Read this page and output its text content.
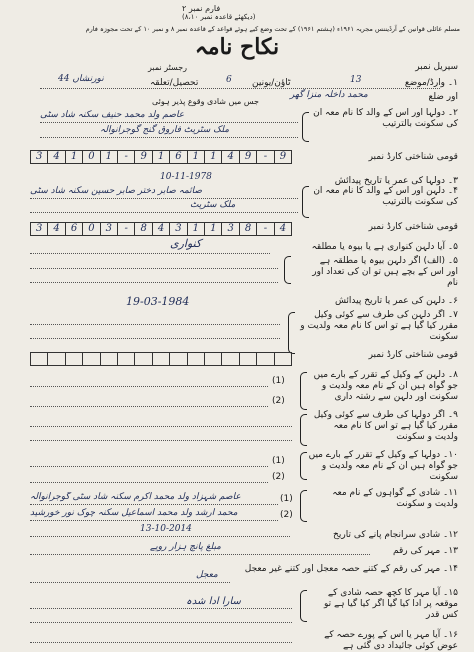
فارم نمبر ۲
(دیکھئے قاعدہ نمبر ۸،۱۰)
مسلم عائلی قوانین کے آرڈیننس مجریہ ۱۹۶۱ء (ہشتم ۱۹۶۱) کے تحت وضع کیے ہوئے قواعد کے قاعدہ نمبر ۸ و نمبر ۱۰ کے تحت مجوزہ فارم
نکاح نامہ
سیریل نمبر
رجسٹر نمبر
۱۔ وارڈ/موضع
13
ٹاؤن/یونین
6
تحصیل/تعلقہ
نورنشاں 44
اور ضلع
محمد داخلہ منزا گھر
جس میں شادی وقوع پذیر ہوئی
۲۔ دولہا اور اس کے والد کا نام معہ ان کی سکونت بالترتیب
عاصم ولد محمد حنیف سکنہ شاد سٹی
ملک سٹریٹ فاروق گنج گوجرانوالہ
قومی شناختی کارڈ نمبر
3	4	1	0	1	-	9	1	6	1	1	4	9	-	9
۳۔ دولہا کی عمر یا تاریخ پیدائش
10-11-1978
۴۔ دلہن اور اس کے والد کا نام معہ ان کی سکونت بالترتیب
صائمہ صابر دختر صابر حسین سکنہ شاد سٹی
ملک سٹریٹ
قومی شناختی کارڈ نمبر
3	4	6	0	3	-	8	4	3	1	1	3	8	-	4
۵۔ آیا دلہن کنواری ہے یا بیوہ یا مطلقہ
کنواری
۵۔ (الف) اگر دلہن بیوہ یا مطلقہ ہے اور اس کے بچے ہیں تو ان کی تعداد اور نام
۶۔ دلہن کی عمر یا تاریخ پیدائش
19-03-1984
۷۔ اگر دلہن کی طرف سے کوئی وکیل مقرر کیا گیا ہے تو اس کا نام معہ ولدیت و سکونت
قومی شناختی کارڈ نمبر
۸۔ دلہن کے وکیل کے تقرر کے بارے میں جو گواہ ہیں ان کے نام معہ ولدیت و سکونت اور دلہن سے رشتہ داری
(1)
(2)
۹۔ اگر دولہا کی طرف سے کوئی وکیل مقرر کیا گیا ہے تو اس کا نام معہ ولدیت و سکونت
۱۰۔ دولہا کے وکیل کے تقرر کے بارے میں جو گواہ ہیں ان کے نام معہ ولدیت و سکونت
(1)
(2)
۱۱۔ شادی کے گواہوں کے نام معہ ولدیت و سکونت
(1)
عاصم شہزاد ولد محمد اکرم سکنہ شاد سٹی گوجرانوالہ
(2)
محمد ارشد ولد محمد اسماعیل سکنہ چوک نور خورشید
۱۲۔ شادی سرانجام پانے کی تاریخ
13-10-2014
۱۳۔ مہر کی رقم
مبلغ پانچ ہزار روپے
۱۴۔ مہر کی رقم کے کتنے حصہ معجل اور کتنے غیر معجل
معجل
۱۵۔ آیا مہر کا کچھ حصہ شادی کے موقعہ پر ادا کیا گیا اگر کیا گیا ہے تو کس قدر
سارا ادا شدہ
۱۶۔ آیا مہر یا اس کے پورے حصہ کے عوض کوئی جائیداد دی گئی ہے
